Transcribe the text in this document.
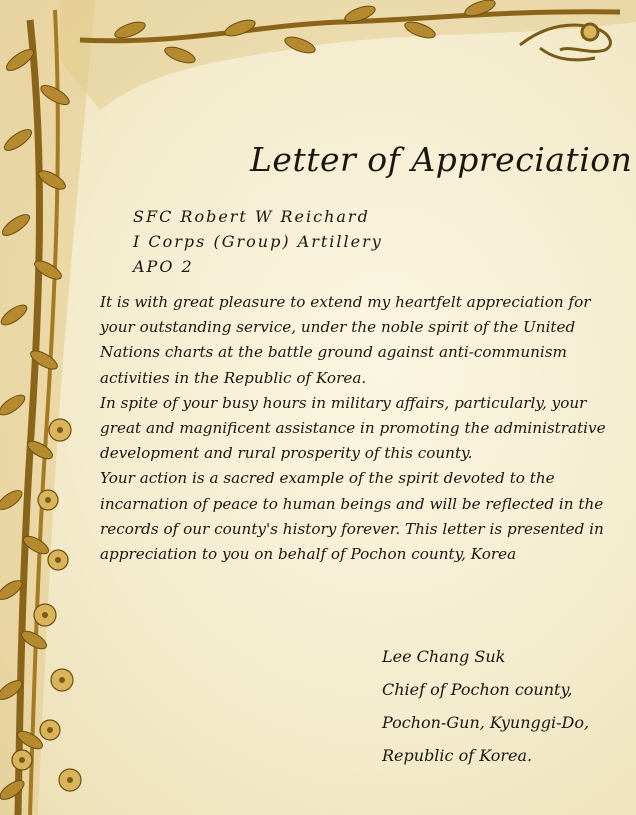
Letter of Appreciation
SFC Robert W Reichard
I Corps (Group) Artillery
APO 2

It is with great pleasure to extend my heartfelt appreciation for your outstanding service, under the noble spirit of the United Nations charts at the battle ground against anti-communism activities in the Republic of Korea.

In spite of your busy hours in military affairs, particularly, your great and magnificent assistance in promoting the administrative development and rural prosperity of this county.

Your action is a sacred example of the spirit devoted to the incarnation of peace to human beings and will be reflected in the records of our county's history forever. This letter is presented in appreciation to you on behalf of Pochon county, Korea

Lee Chang Suk
Chief of Pochon county,
Pochon-Gun, Kyunggi-Do,
Republic of Korea.
